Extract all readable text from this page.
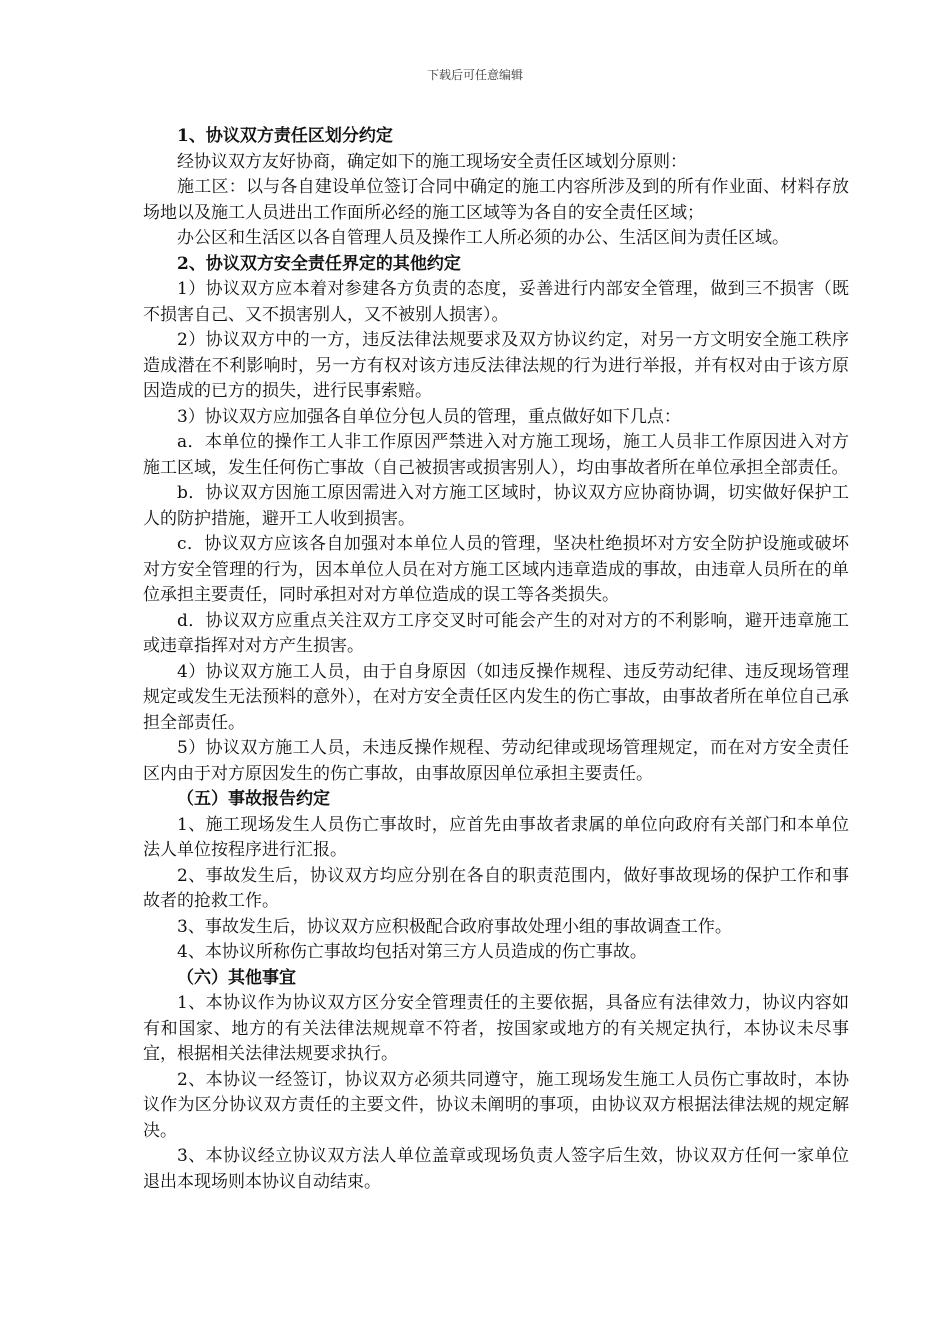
下载后可任意编辑
1、协议双方责任区划分约定

经协议双方友好协商，确定如下的施工现场安全责任区域划分原则：

施工区：以与各自建设单位签订合同中确定的施工内容所涉及到的所有作业面、材料存放场地以及施工人员进出工作面所必经的施工区域等为各自的安全责任区域；

办公区和生活区以各自管理人员及操作工人所必须的办公、生活区间为责任区域。

2、协议双方安全责任界定的其他约定

1）协议双方应本着对参建各方负责的态度，妥善进行内部安全管理，做到三不损害（既不损害自己、又不损害别人，又不被别人损害）。

2）协议双方中的一方，违反法律法规要求及双方协议约定，对另一方文明安全施工秩序造成潜在不利影响时，另一方有权对该方违反法律法规的行为进行举报，并有权对由于该方原因造成的已方的损失，进行民事索赔。

3）协议双方应加强各自单位分包人员的管理，重点做好如下几点：

a．本单位的操作工人非工作原因严禁进入对方施工现场，施工人员非工作原因进入对方施工区域，发生任何伤亡事故（自己被损害或损害别人），均由事故者所在单位承担全部责任。

b．协议双方因施工原因需进入对方施工区域时，协议双方应协商协调，切实做好保护工人的防护措施，避开工人收到损害。

c．协议双方应该各自加强对本单位人员的管理，坚决杜绝损坏对方安全防护设施或破坏对方安全管理的行为，因本单位人员在对方施工区域内违章造成的事故，由违章人员所在的单位承担主要责任，同时承担对对方单位造成的误工等各类损失。

d．协议双方应重点关注双方工序交叉时可能会产生的对对方的不利影响，避开违章施工或违章指挥对对方产生损害。

4）协议双方施工人员，由于自身原因（如违反操作规程、违反劳动纪律、违反现场管理规定或发生无法预料的意外），在对方安全责任区内发生的伤亡事故，由事故者所在单位自己承担全部责任。

5）协议双方施工人员，未违反操作规程、劳动纪律或现场管理规定，而在对方安全责任区内由于对方原因发生的伤亡事故，由事故原因单位承担主要责任。

（五）事故报告约定

1、施工现场发生人员伤亡事故时，应首先由事故者隶属的单位向政府有关部门和本单位法人单位按程序进行汇报。

2、事故发生后，协议双方均应分别在各自的职责范围内，做好事故现场的保护工作和事故者的抢救工作。

3、事故发生后，协议双方应积极配合政府事故处理小组的事故调查工作。

4、本协议所称伤亡事故均包括对第三方人员造成的伤亡事故。

（六）其他事宜

1、本协议作为协议双方区分安全管理责任的主要依据，具备应有法律效力，协议内容如有和国家、地方的有关法律法规规章不符者，按国家或地方的有关规定执行，本协议未尽事宜，根据相关法律法规要求执行。

2、本协议一经签订，协议双方必须共同遵守，施工现场发生施工人员伤亡事故时，本协议作为区分协议双方责任的主要文件，协议未阐明的事项，由协议双方根据法律法规的规定解决。

3、本协议经立协议双方法人单位盖章或现场负责人签字后生效，协议双方任何一家单位退出本现场则本协议自动结束。
